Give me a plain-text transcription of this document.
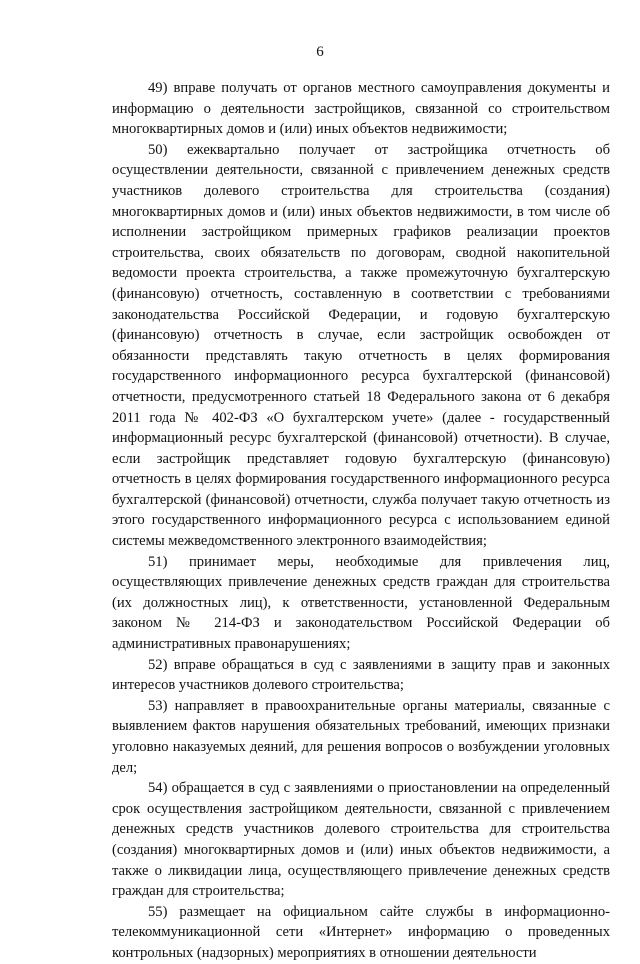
6

49) вправе получать от органов местного самоуправления документы и информацию о деятельности застройщиков, связанной со строительством многоквартирных домов и (или) иных объектов недвижимости;

50) ежеквартально получает от застройщика отчетность об осуществлении деятельности, связанной с привлечением денежных средств участников долевого строительства для строительства (создания) многоквартирных домов и (или) иных объектов недвижимости, в том числе об исполнении застройщиком примерных графиков реализации проектов строительства, своих обязательств по договорам, сводной накопительной ведомости проекта строительства, а также промежуточную бухгалтерскую (финансовую) отчетность, составленную в соответствии с требованиями законодательства Российской Федерации, и годовую бухгалтерскую (финансовую) отчетность в случае, если застройщик освобожден от обязанности представлять такую отчетность в целях формирования государственного информационного ресурса бухгалтерской (финансовой) отчетности, предусмотренного статьей 18 Федерального закона от 6 декабря 2011 года № 402-ФЗ «О бухгалтерском учете» (далее - государственный информационный ресурс бухгалтерской (финансовой) отчетности). В случае, если застройщик представляет годовую бухгалтерскую (финансовую) отчетность в целях формирования государственного информационного ресурса бухгалтерской (финансовой) отчетности, служба получает такую отчетность из этого государственного информационного ресурса с использованием единой системы межведомственного электронного взаимодействия;

51) принимает меры, необходимые для привлечения лиц, осуществляющих привлечение денежных средств граждан для строительства (их должностных лиц), к ответственности, установленной Федеральным законом № 214-ФЗ и законодательством Российской Федерации об административных правонарушениях;

52) вправе обращаться в суд с заявлениями в защиту прав и законных интересов участников долевого строительства;

53) направляет в правоохранительные органы материалы, связанные с выявлением фактов нарушения обязательных требований, имеющих признаки уголовно наказуемых деяний, для решения вопросов о возбуждении уголовных дел;

54) обращается в суд с заявлениями о приостановлении на определенный срок осуществления застройщиком деятельности, связанной с привлечением денежных средств участников долевого строительства для строительства (создания) многоквартирных домов и (или) иных объектов недвижимости, а также о ликвидации лица, осуществляющего привлечение денежных средств граждан для строительства;

55) размещает на официальном сайте службы в информационно-телекоммуникационной сети «Интернет» информацию о проведенных контрольных (надзорных) мероприятиях в отношении деятельности
